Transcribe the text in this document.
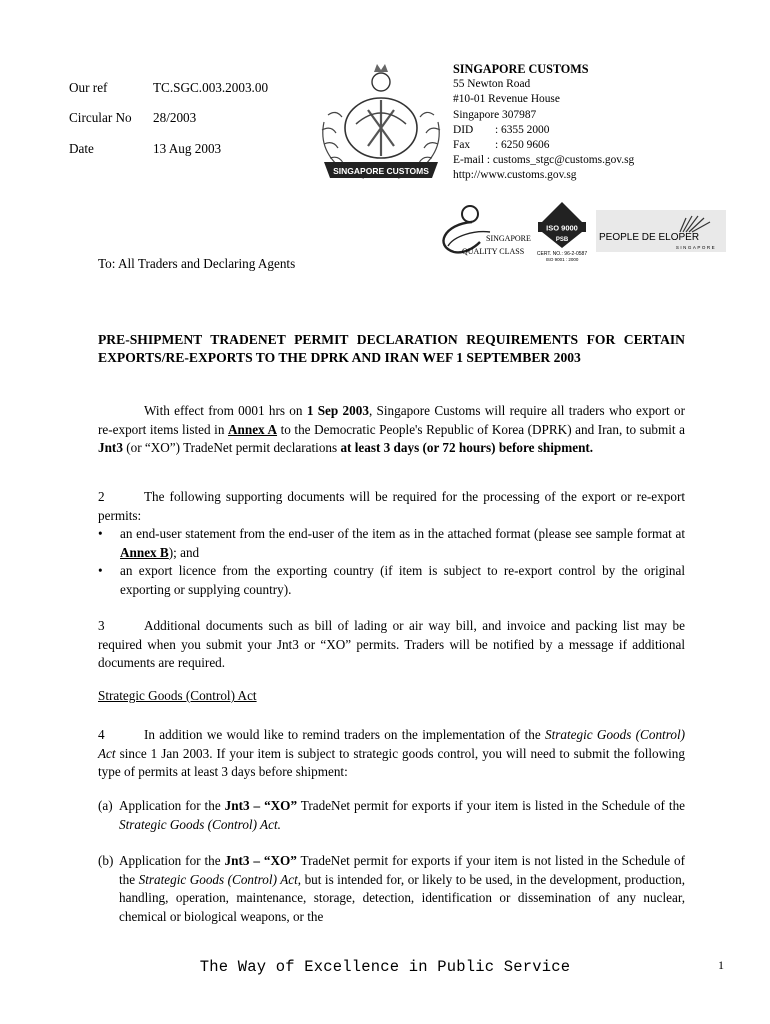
Our ref	TC.SGC.003.2003.00
Circular No	28/2003
Date	13 Aug 2003
SINGAPORE CUSTOMS
SINGAPORE CUSTOMS
55 Newton Road
#10-01 Revenue House
Singapore 307987
DID : 6355 2000
Fax : 6250 9606
E-mail : customs_stgc@customs.gov.sg
http://www.customs.gov.sg
SINGAPORE
QUALITY CLASS
ISO 9000
PSB
CERT. NO.: 96-2-0587
ISO 9001 : 2000
PEOPLE DE ELOPER
SINGAPORE
To: All Traders and Declaring Agents
PRE-SHIPMENT TRADENET PERMIT DECLARATION REQUIREMENTS FOR CERTAIN EXPORTS/RE-EXPORTS TO THE DPRK AND IRAN WEF 1 SEPTEMBER 2003

With effect from 0001 hrs on 1 Sep 2003, Singapore Customs will require all traders who export or re-export items listed in Annex A to the Democratic People's Republic of Korea (DPRK) and Iran, to submit a Jnt3 (or “XO”) TradeNet permit declarations at least 3 days (or 72 hours) before shipment.

2	The following supporting documents will be required for the processing of the export or re-export permits:

• an end-user statement from the end-user of the item as in the attached format (please see sample format at Annex B); and
• an export licence from the exporting country (if item is subject to re-export control by the original exporting or supplying country).

3	Additional documents such as bill of lading or air way bill, and invoice and packing list may be required when you submit your Jnt3 or “XO” permits. Traders will be notified by a message if additional documents are required.

Strategic Goods (Control) Act

4	In addition we would like to remind traders on the implementation of the Strategic Goods (Control) Act since 1 Jan 2003. If your item is subject to strategic goods control, you will need to submit the following type of permits at least 3 days before shipment:

(a) Application for the Jnt3 – “XO” TradeNet permit for exports if your item is listed in the Schedule of the Strategic Goods (Control) Act.
(b) Application for the Jnt3 – “XO” TradeNet permit for exports if your item is not listed in the Schedule of the Strategic Goods (Control) Act, but is intended for, or likely to be used, in the development, production, handling, operation, maintenance, storage, detection, identification or dissemination of any nuclear, chemical or biological weapons, or the
The Way of Excellence in Public Service	1
